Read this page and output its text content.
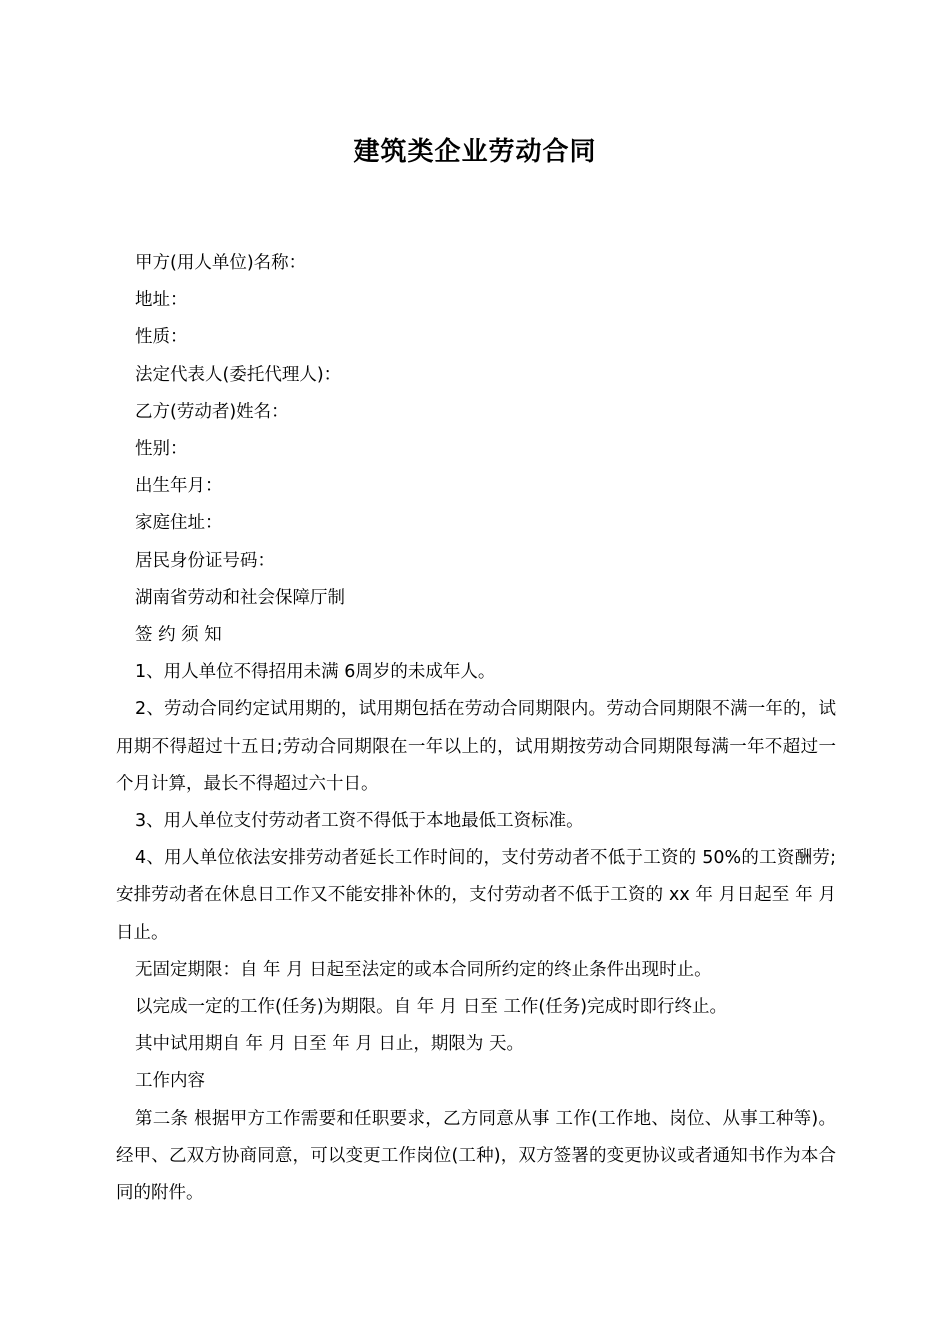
建筑类企业劳动合同

甲方(用人单位)名称：

地址：

性质：

法定代表人(委托代理人)：

乙方(劳动者)姓名：

性别：

出生年月：

家庭住址：

居民身份证号码：

湖南省劳动和社会保障厅制

签 约 须 知

1、用人单位不得招用未满 6周岁的未成年人。

2、劳动合同约定试用期的，试用期包括在劳动合同期限内。劳动合同期限不满一年的，试用期不得超过十五日;劳动合同期限在一年以上的，试用期按劳动合同期限每满一年不超过一个月计算，最长不得超过六十日。

3、用人单位支付劳动者工资不得低于本地最低工资标准。

4、用人单位依法安排劳动者延长工作时间的，支付劳动者不低于工资的 50%的工资酬劳;安排劳动者在休息日工作又不能安排补休的，支付劳动者不低于工资的 xx 年 月日起至 年 月 日止。

无固定期限：自 年 月 日起至法定的或本合同所约定的终止条件出现时止。

以完成一定的工作(任务)为期限。自 年 月 日至 工作(任务)完成时即行终止。

其中试用期自 年 月 日至 年 月 日止，期限为 天。

工作内容

第二条 根据甲方工作需要和任职要求，乙方同意从事 工作(工作地、岗位、从事工种等)。经甲、乙双方协商同意，可以变更工作岗位(工种)，双方签署的变更协议或者通知书作为本合同的附件。
